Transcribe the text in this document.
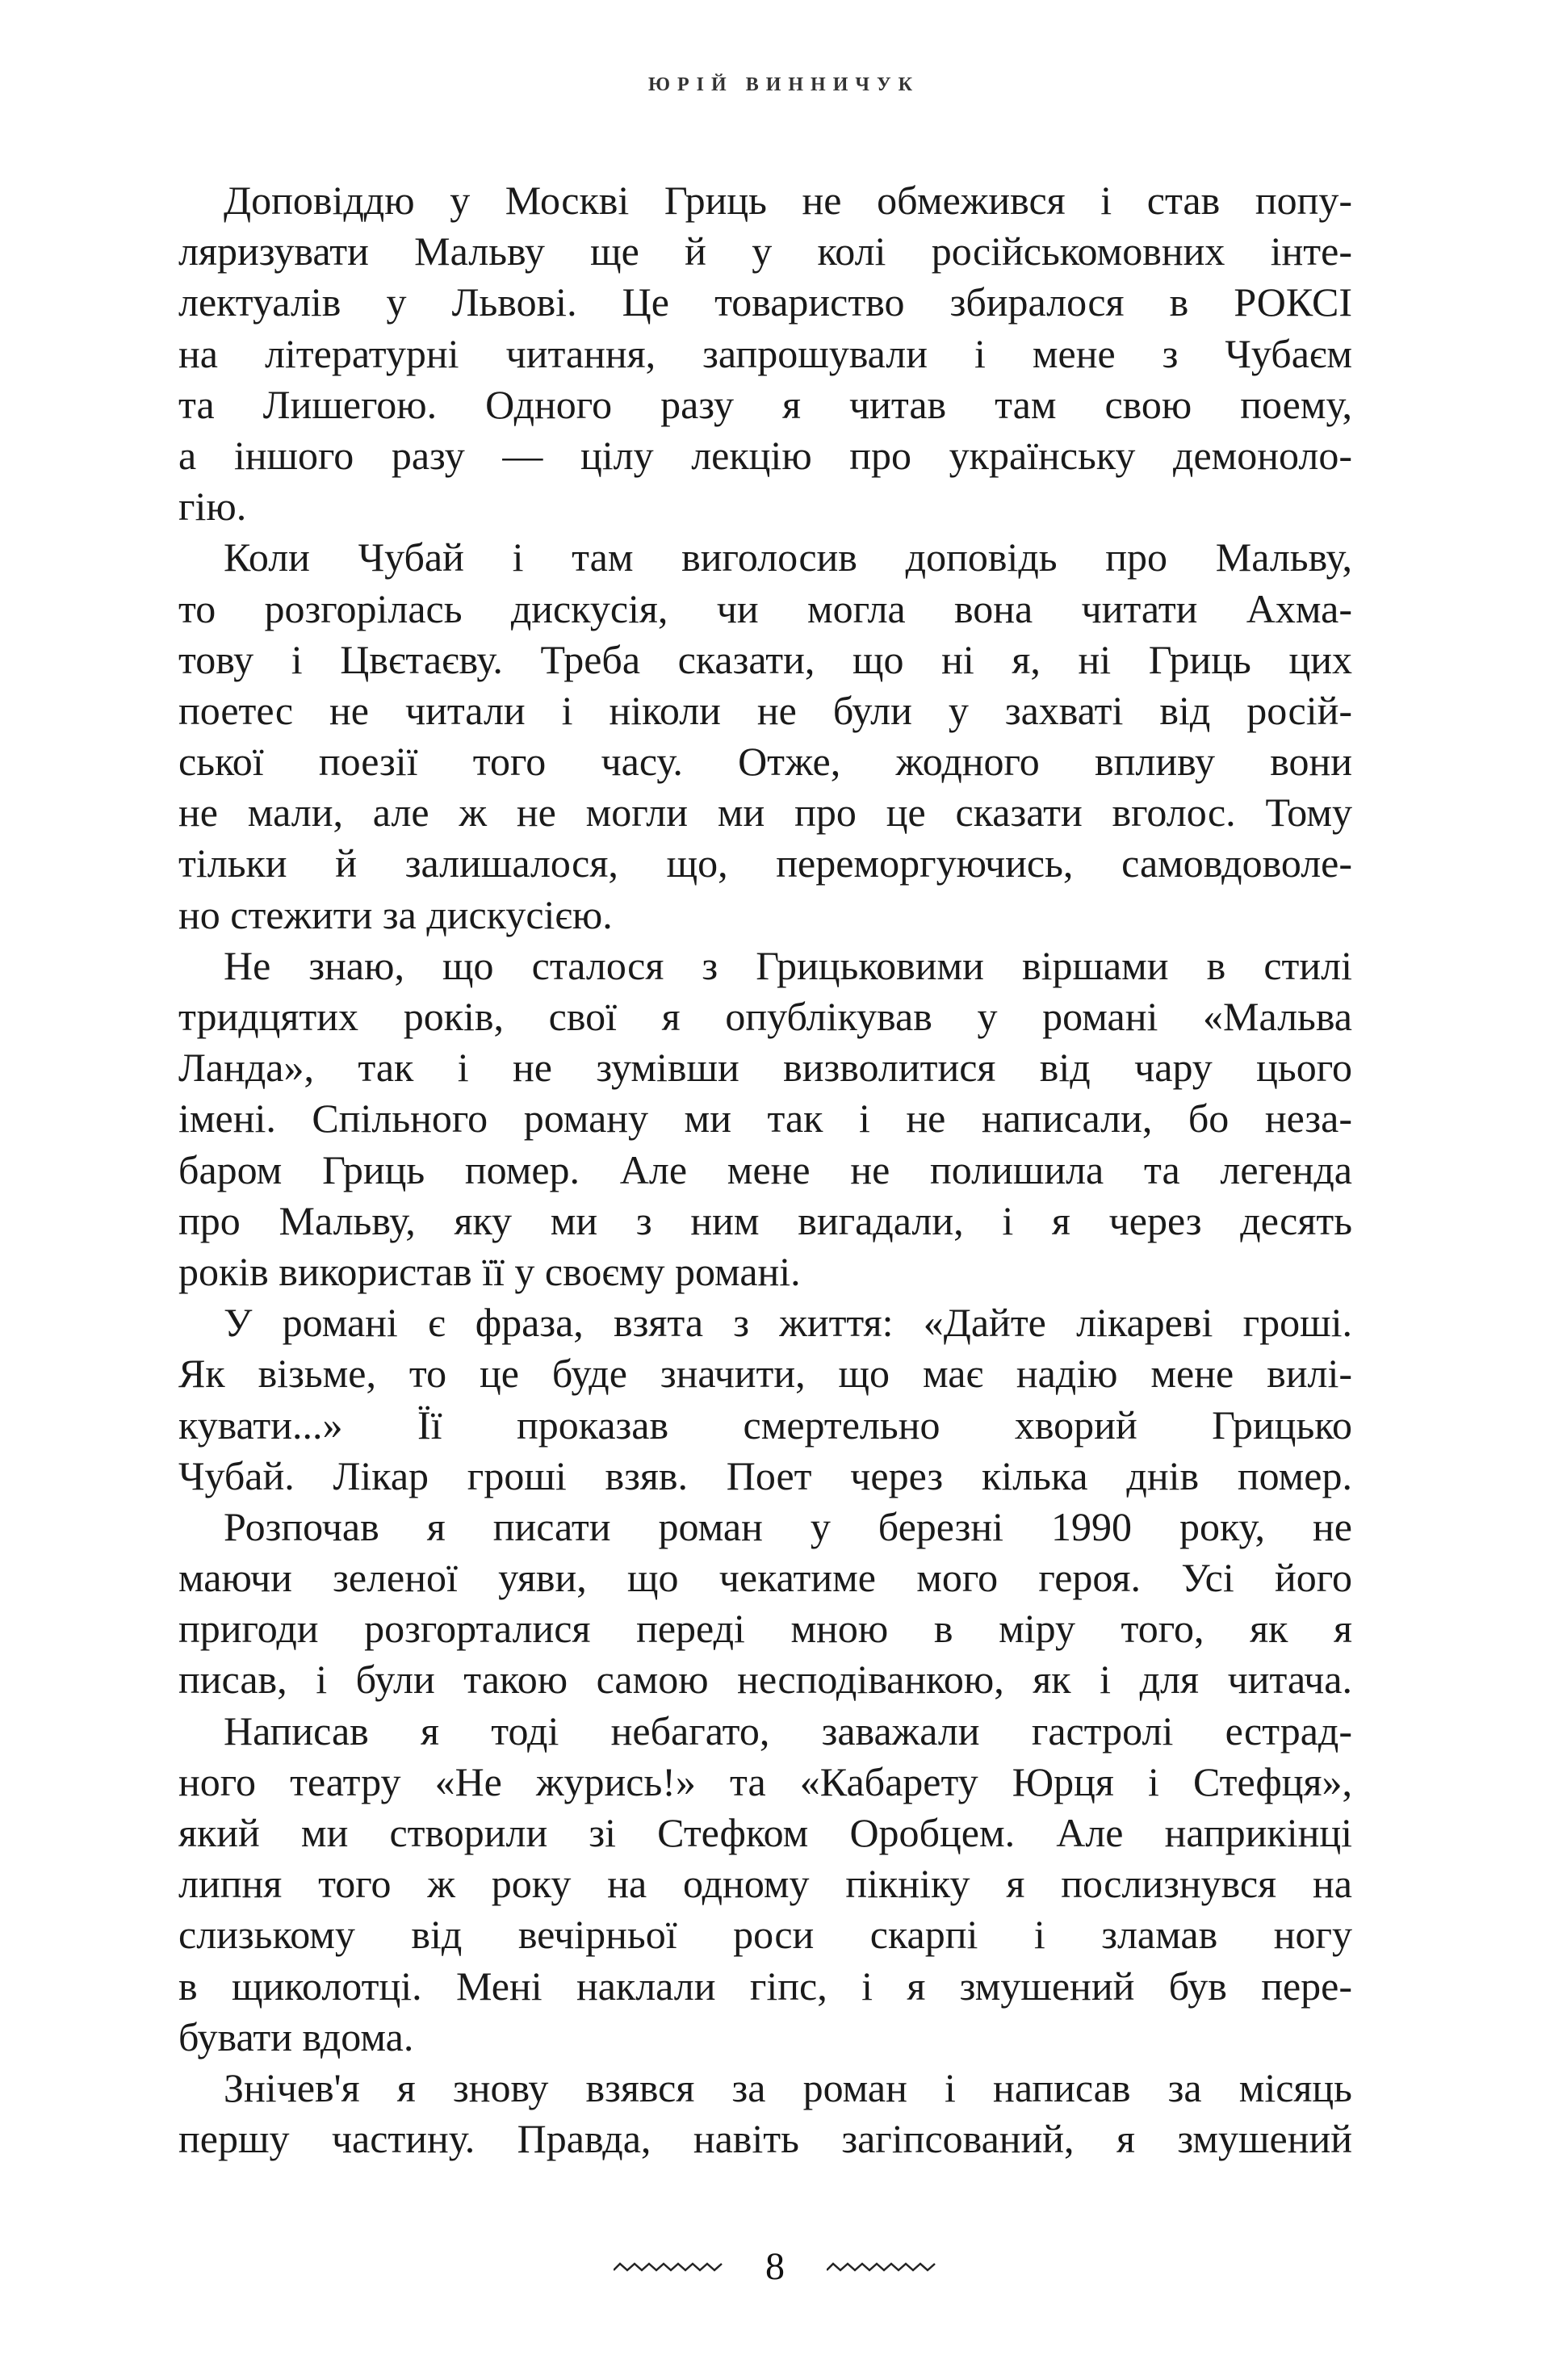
ЮРІЙ ВИННИЧУК
Доповіддю у Москві Гриць не обмежився і став попу-
ляризувати Мальву ще й у колі російськомовних інте-
лектуалів у Львові. Це товариство збиралося в РОКСІ
на літературні читання, запрошували і мене з Чубаєм
та Лишегою. Одного разу я читав там свою поему,
а іншого разу — цілу лекцію про українську демоноло-
гію.
Коли Чубай і там виголосив доповідь про Мальву,
то розгорілась дискусія, чи могла вона читати Ахма-
тову і Цвєтаєву. Треба сказати, що ні я, ні Гриць цих
поетес не читали і ніколи не були у захваті від росій-
ської поезії того часу. Отже, жодного впливу вони
не мали, але ж не могли ми про це сказати вголос. Тому
тільки й залишалося, що, переморгуючись, самовдоволе-
но стежити за дискусією.
Не знаю, що сталося з Грицьковими віршами в стилі
тридцятих років, свої я опублікував у романі «Мальва
Ланда», так і не зумівши визволитися від чару цього
імені. Спільного роману ми так і не написали, бо неза-
баром Гриць помер. Але мене не полишила та легенда
про Мальву, яку ми з ним вигадали, і я через десять
років використав її у своєму романі.
У романі є фраза, взята з життя: «Дайте лікареві гроші.
Як візьме, то це буде значити, що має надію мене вилі-
кувати...» Її проказав смертельно хворий Грицько
Чубай. Лікар гроші взяв. Поет через кілька днів помер.
Розпочав я писати роман у березні 1990 року, не
маючи зеленої уяви, що чекатиме мого героя. Усі його
пригоди розгорталися переді мною в міру того, як я
писав, і були такою самою несподіванкою, як і для читача.
Написав я тоді небагато, заважали гастролі естрад-
ного театру «Не журись!» та «Кабарету Юрця і Стефця»,
який ми створили зі Стефком Оробцем. Але наприкінці
липня того ж року на одному пікніку я послизнувся на
слизькому від вечірньої роси скарпі і зламав ногу
в щиколотці. Мені наклали гіпс, і я змушений був пере-
бувати вдома.
Знічев'я я знову взявся за роман і написав за місяць
першу частину. Правда, навіть загіпсований, я змушений
8
